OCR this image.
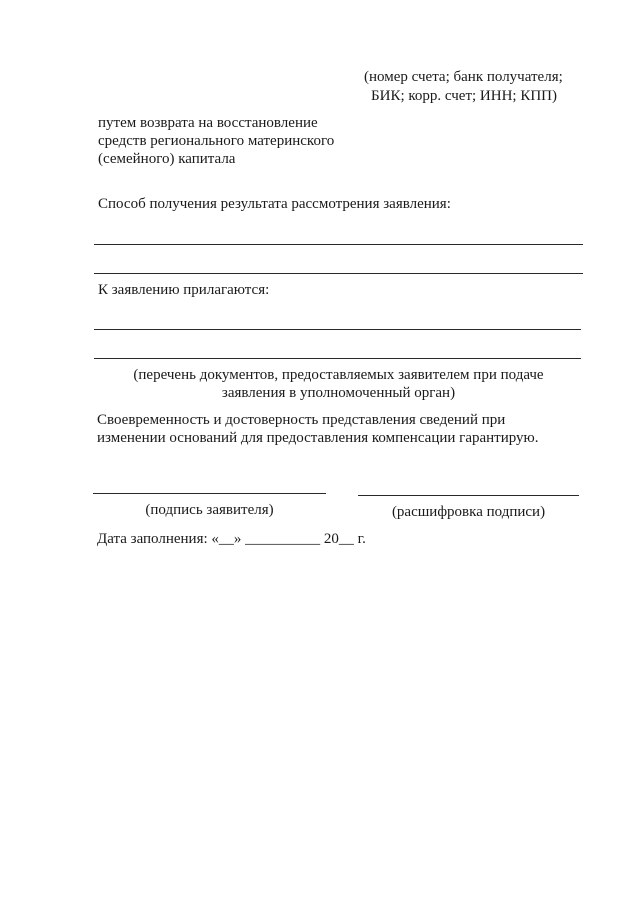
(номер счета; банк получателя;
БИК; корр. счет; ИНН; КПП)
путем возврата на восстановление
средств регионального материнского
(семейного) капитала
Способ получения результата рассмотрения заявления:
К заявлению прилагаются:
(перечень документов, предоставляемых заявителем при подаче
заявления в уполномоченный орган)
Своевременность и достоверность представления сведений при
изменении оснований для предоставления компенсации гарантирую.
(подпись заявителя)	(расшифровка подписи)
Дата заполнения: «__» __________ 20__ г.
